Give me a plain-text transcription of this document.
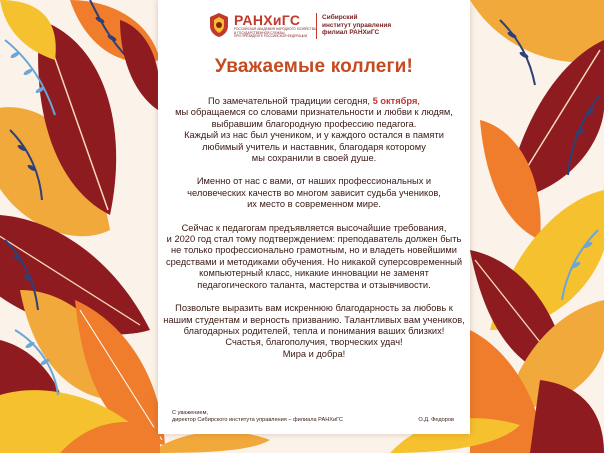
РАНХиГС
РОССИЙСКАЯ АКАДЕМИЯ НАРОДНОГО ХОЗЯЙСТВА
И ГОСУДАРСТВЕННОЙ СЛУЖБЫ
ПРИ ПРЕЗИДЕНТЕ РОССИЙСКОЙ ФЕДЕРАЦИИ
Сибирский
институт управления
филиал РАНХиГС
Уважаемые коллеги!

По замечательной традиции сегодня, 5 октября,
мы обращаемся со словами признательности и любви к людям,
выбравшим благородную профессию педагога.
Каждый из нас был учеником, и у каждого остался в памяти
любимый учитель и наставник, благодаря которому
мы сохранили в своей душе.

Именно от нас с вами, от наших профессиональных и
человеческих качеств во многом зависит судьба учеников,
их место в современном мире.

Сейчас к педагогам предъявляется высочайшие требования,
и 2020 год стал тому подтверждением: преподаватель должен быть
не только профессионально грамотным, но и владеть новейшими
средствами и методиками обучения. Но никакой суперсовременный
компьютерный класс, никакие инновации не заменят
педагогического таланта, мастерства и отзывчивости.

Позвольте выразить вам искреннюю благодарность за любовь к
нашим студентам и верность призванию. Талантливых вам учеников,
благодарных родителей, тепла и понимания ваших близких!
Счастья, благополучия, творческих удач!
Мира и добра!

С уважением,
директор Сибирского института управления – филиала РАНХиГС	О.Д. Федоров
